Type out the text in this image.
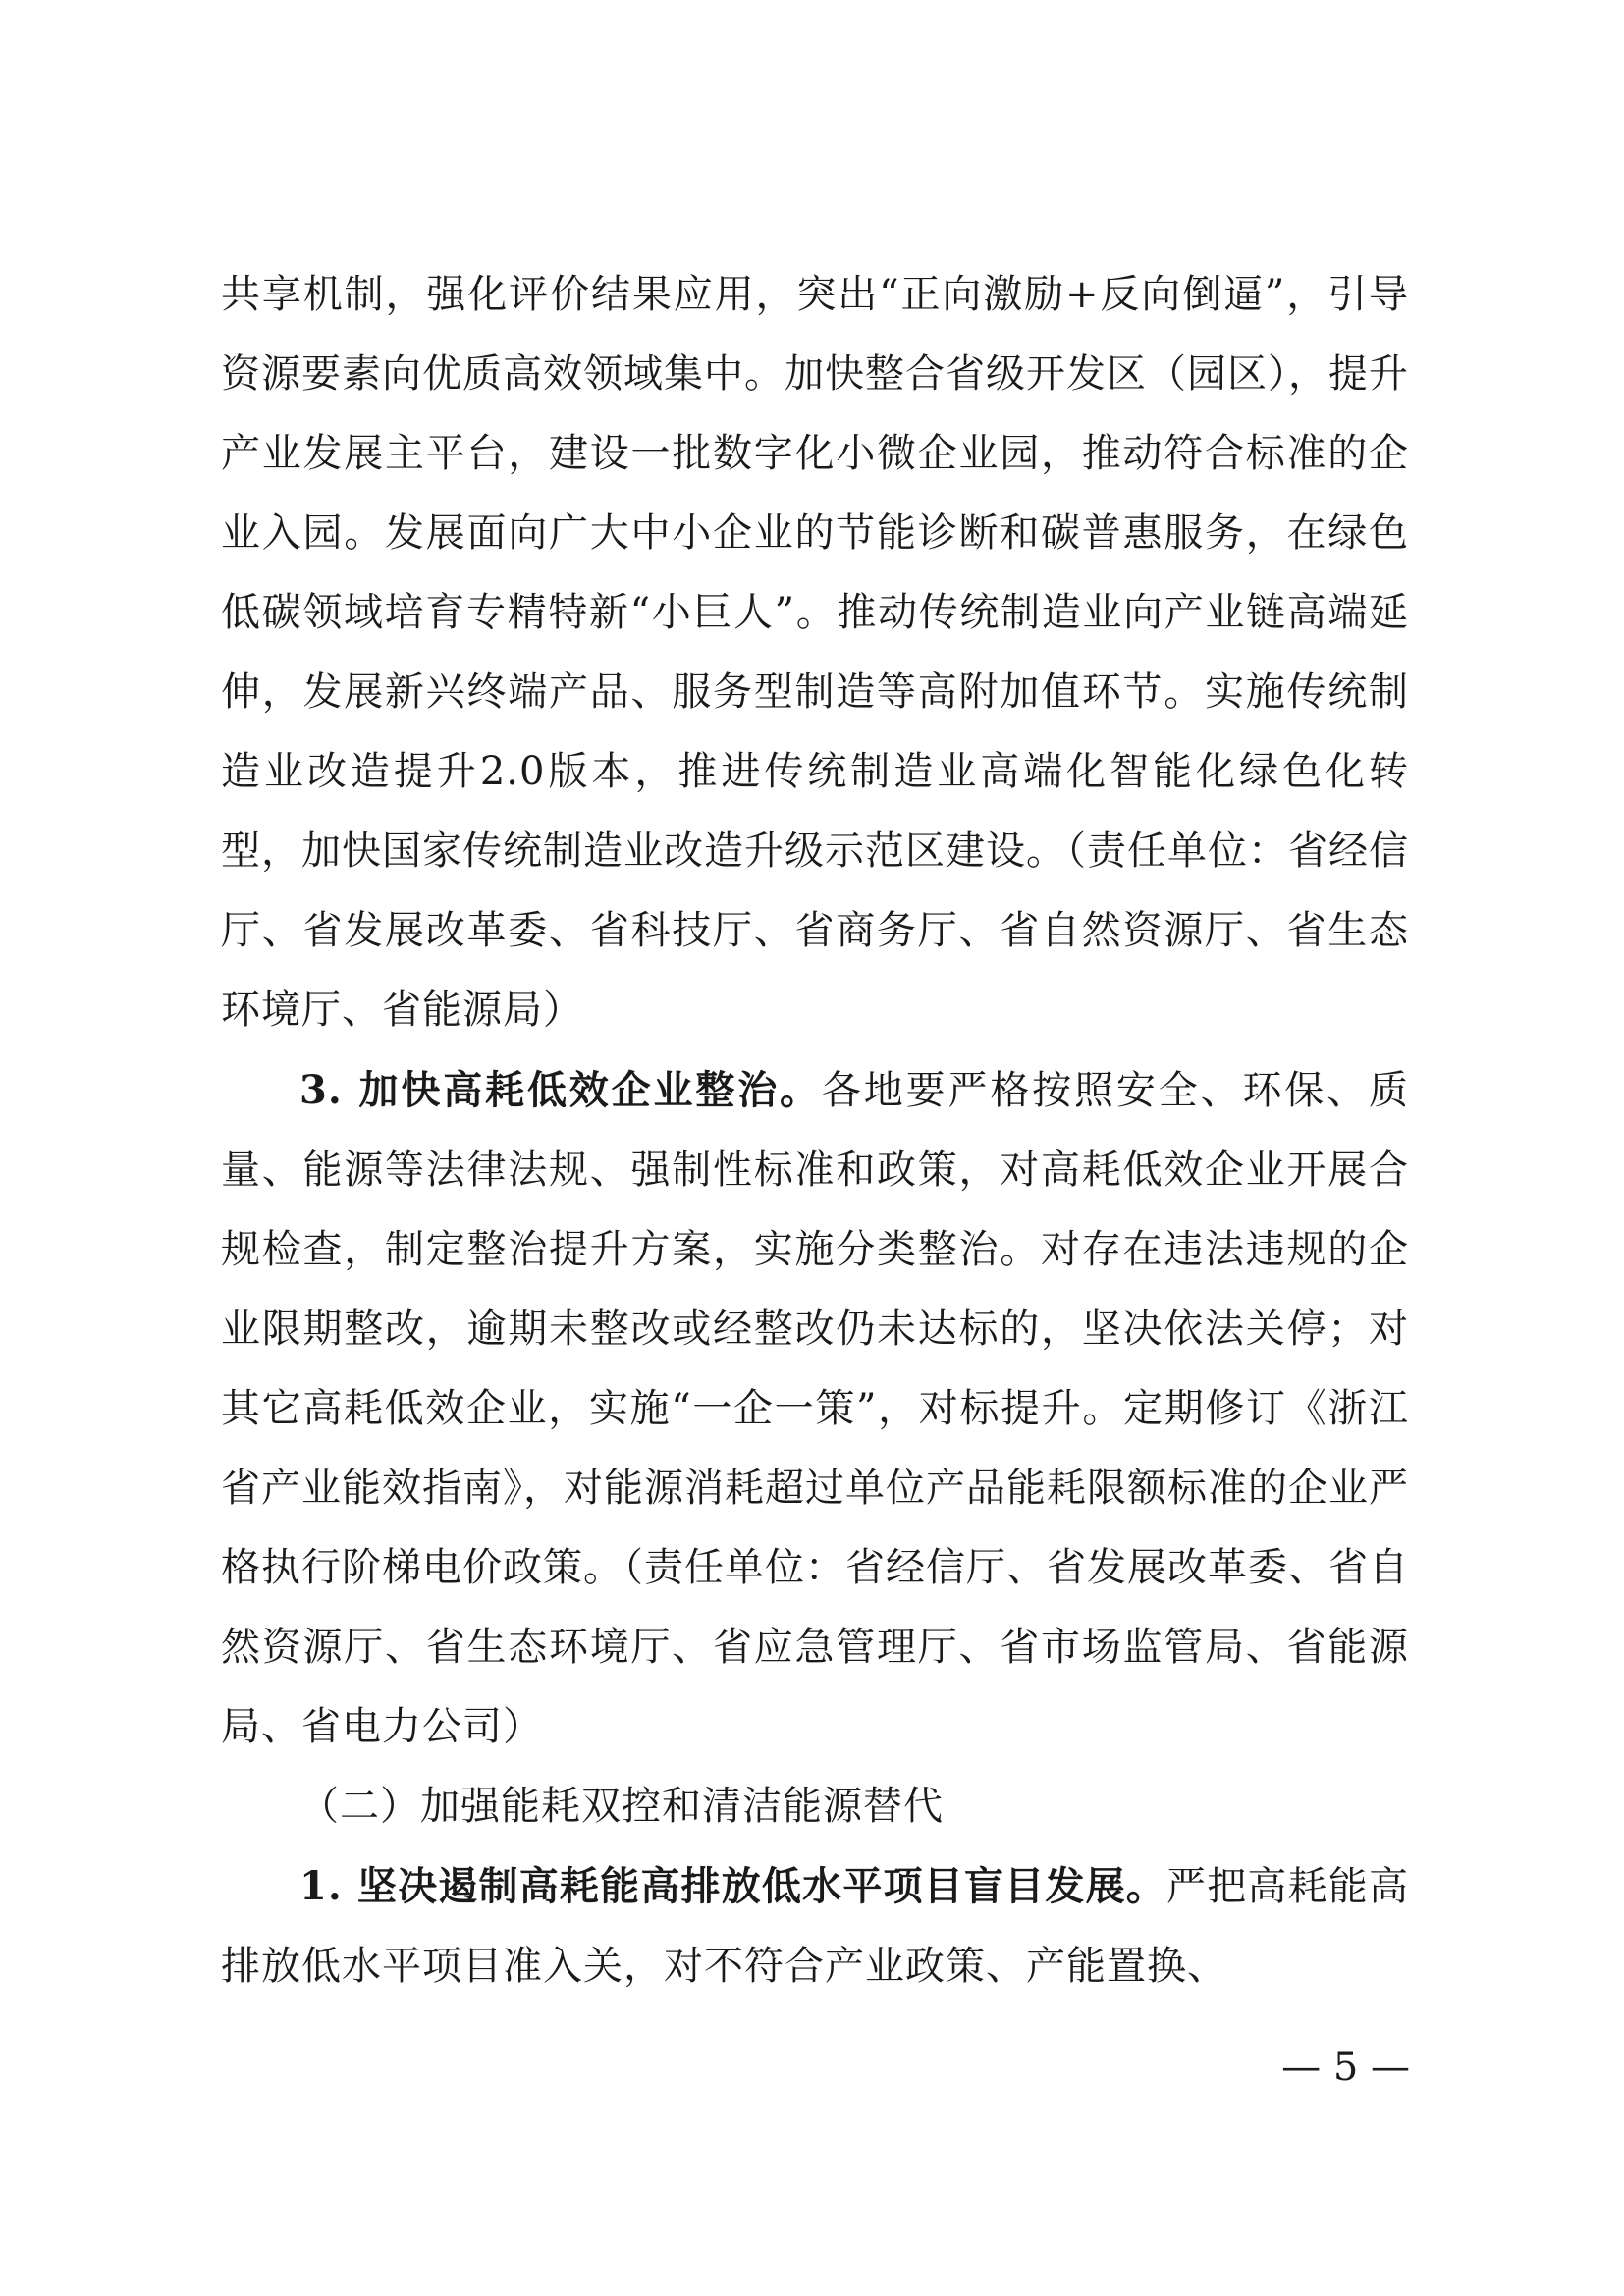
共享机制，强化评价结果应用，突出“正向激励+反向倒逼”，引导资源要素向优质高效领域集中。加快整合省级开发区（园区），提升产业发展主平台，建设一批数字化小微企业园，推动符合标准的企业入园。发展面向广大中小企业的节能诊断和碳普惠服务，在绿色低碳领域培育专精特新“小巨人”。推动传统制造业向产业链高端延伸，发展新兴终端产品、服务型制造等高附加值环节。实施传统制造业改造提升2.0版本，推进传统制造业高端化智能化绿色化转型，加快国家传统制造业改造升级示范区建设。（责任单位：省经信厅、省发展改革委、省科技厅、省商务厅、省自然资源厅、省生态环境厅、省能源局）

3. 加快高耗低效企业整治。各地要严格按照安全、环保、质量、能源等法律法规、强制性标准和政策，对高耗低效企业开展合规检查，制定整治提升方案，实施分类整治。对存在违法违规的企业限期整改，逾期未整改或经整改仍未达标的，坚决依法关停；对其它高耗低效企业，实施“一企一策”，对标提升。定期修订《浙江省产业能效指南》，对能源消耗超过单位产品能耗限额标准的企业严格执行阶梯电价政策。（责任单位：省经信厅、省发展改革委、省自然资源厅、省生态环境厅、省应急管理厅、省市场监管局、省能源局、省电力公司）

（二）加强能耗双控和清洁能源替代

1. 坚决遏制高耗能高排放低水平项目盲目发展。严把高耗能高排放低水平项目准入关，对不符合产业政策、产能置换、

— 5 —
